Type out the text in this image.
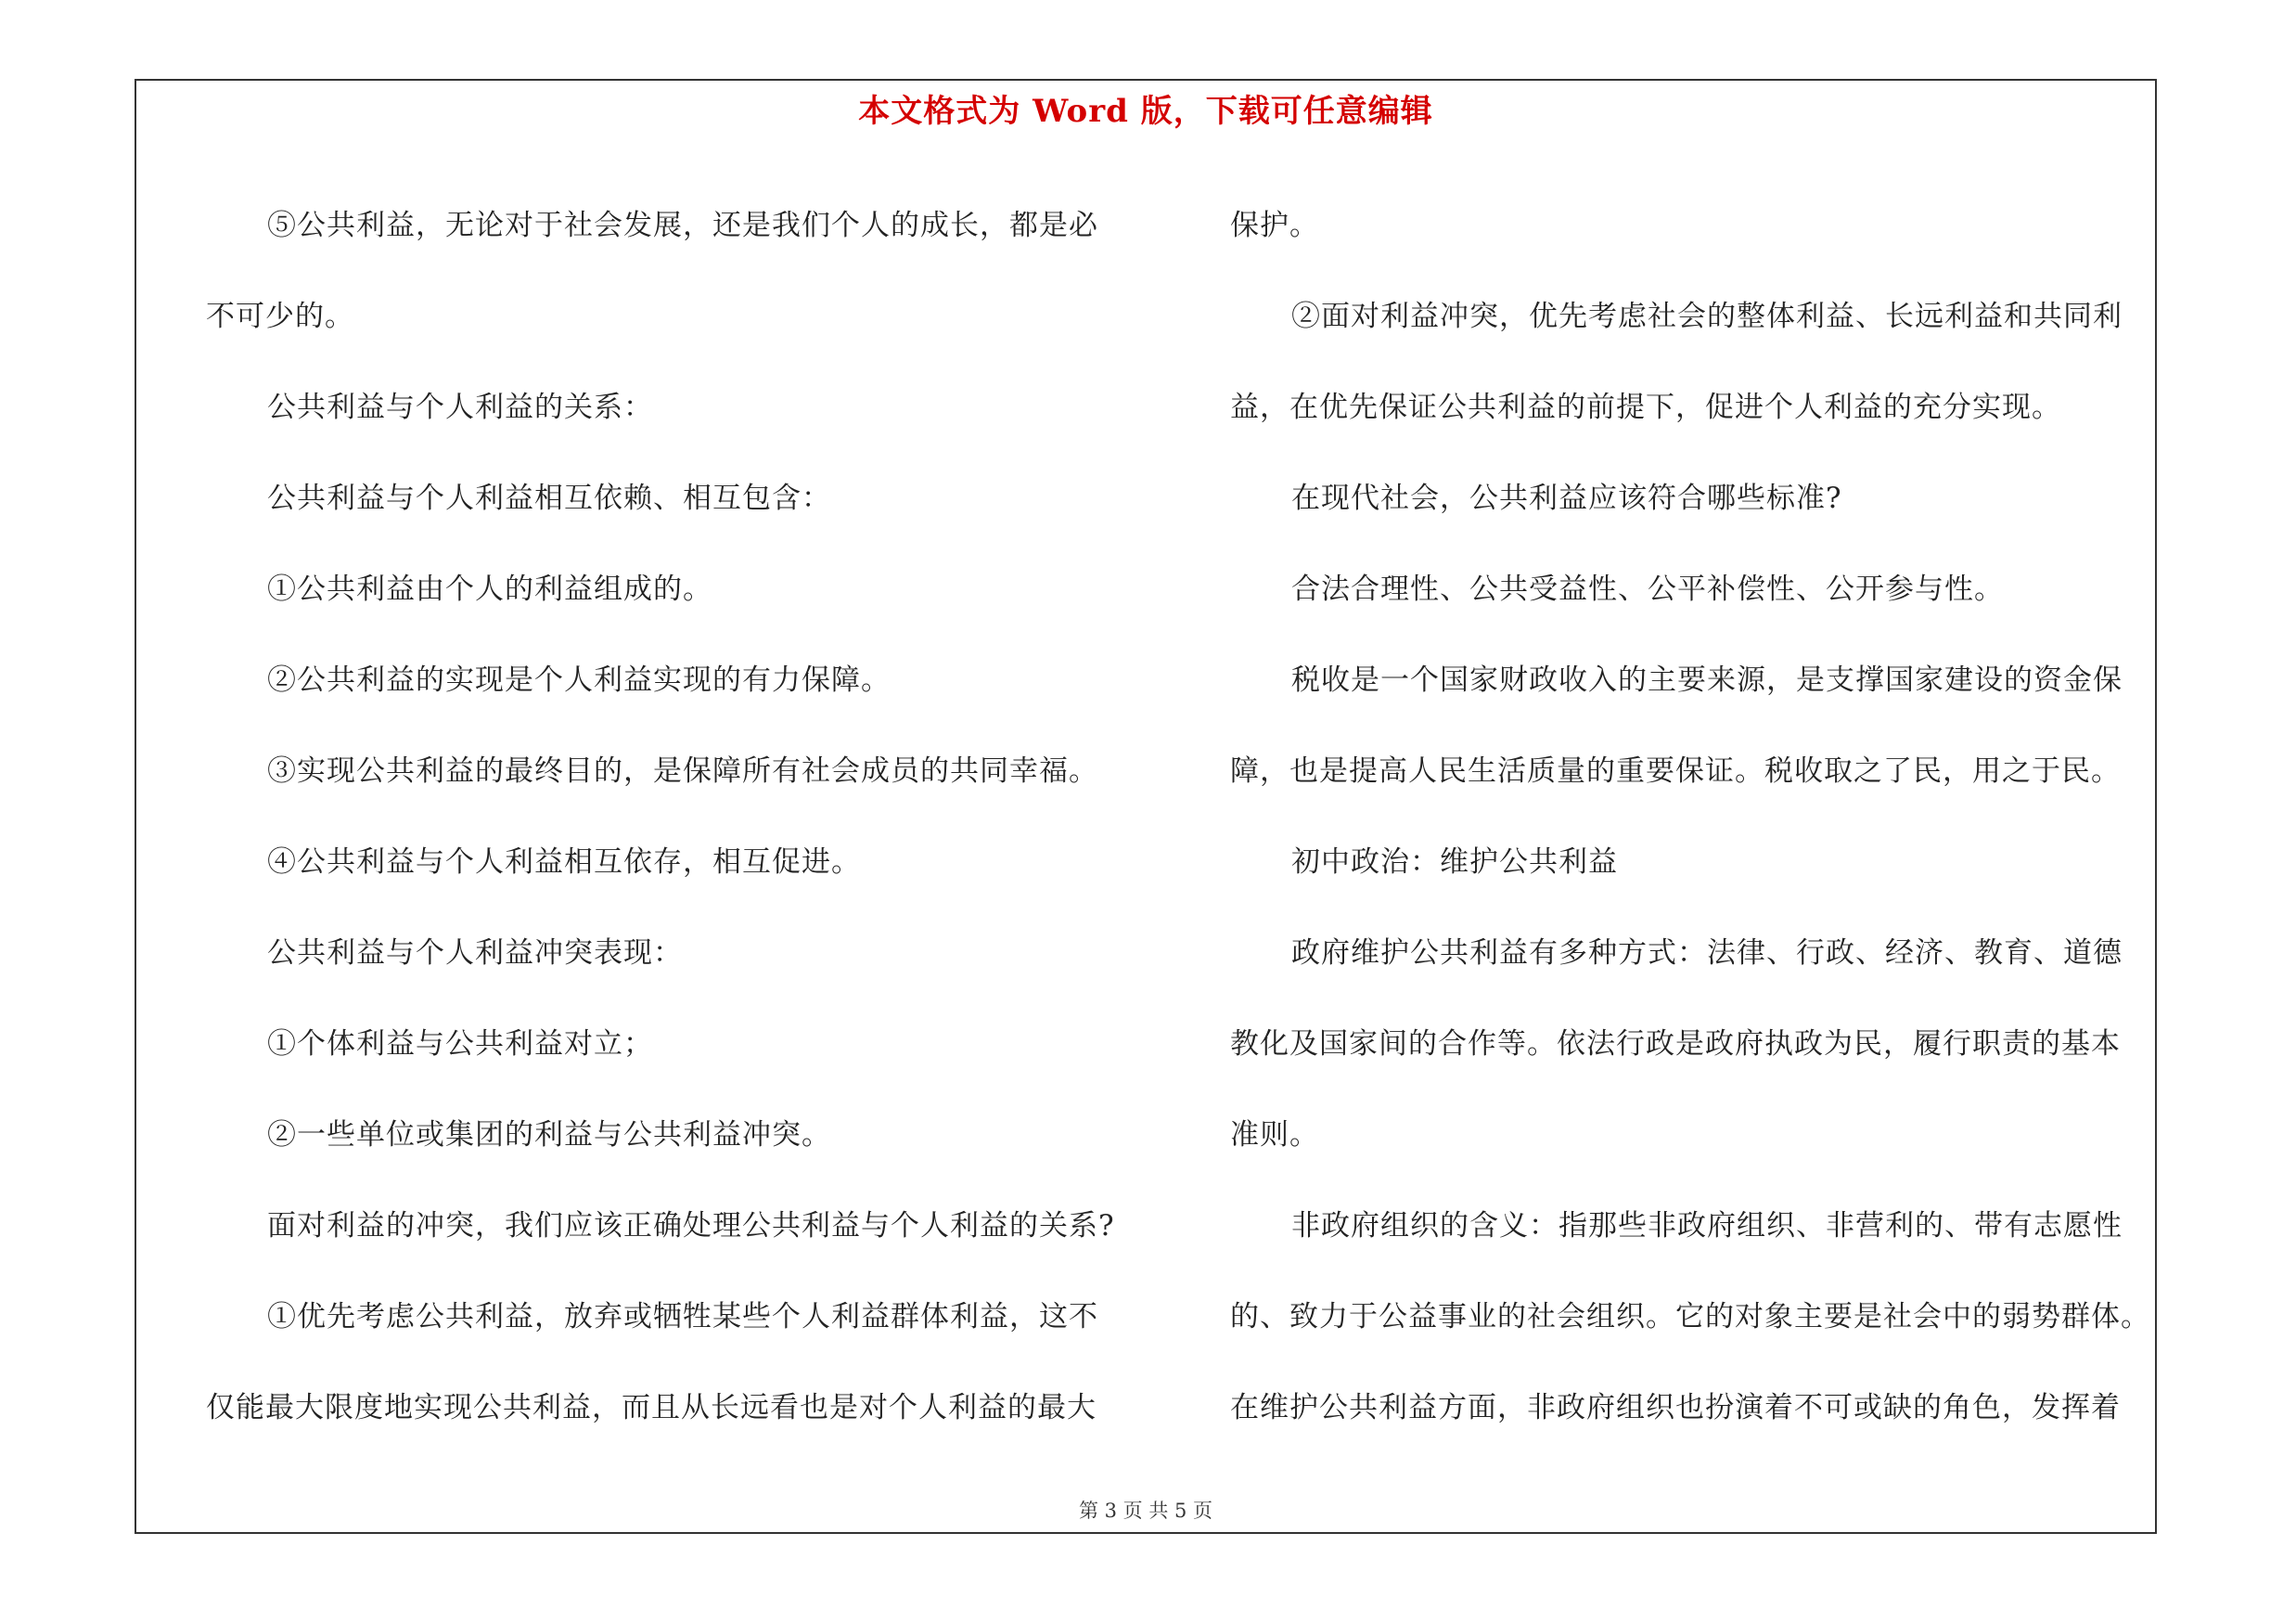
本文格式为 Word 版，下载可任意编辑
⑤公共利益，无论对于社会发展，还是我们个人的成长，都是必
不可少的。
公共利益与个人利益的关系：
公共利益与个人利益相互依赖、相互包含：
①公共利益由个人的利益组成的。
②公共利益的实现是个人利益实现的有力保障。
③实现公共利益的最终目的，是保障所有社会成员的共同幸福。
④公共利益与个人利益相互依存，相互促进。
公共利益与个人利益冲突表现：
①个体利益与公共利益对立；
②一些单位或集团的利益与公共利益冲突。
面对利益的冲突，我们应该正确处理公共利益与个人利益的关系?
①优先考虑公共利益，放弃或牺牲某些个人利益群体利益，这不
仅能最大限度地实现公共利益，而且从长远看也是对个人利益的最大
保护。
②面对利益冲突，优先考虑社会的整体利益、长远利益和共同利
益，在优先保证公共利益的前提下，促进个人利益的充分实现。
在现代社会，公共利益应该符合哪些标准?
合法合理性、公共受益性、公平补偿性、公开参与性。
税收是一个国家财政收入的主要来源，是支撑国家建设的资金保
障，也是提高人民生活质量的重要保证。税收取之了民，用之于民。
初中政治：维护公共利益
政府维护公共利益有多种方式：法律、行政、经济、教育、道德
教化及国家间的合作等。依法行政是政府执政为民，履行职责的基本
准则。
非政府组织的含义：指那些非政府组织、非营利的、带有志愿性
的、致力于公益事业的社会组织。它的对象主要是社会中的弱势群体。
在维护公共利益方面，非政府组织也扮演着不可或缺的角色，发挥着
第 3 页 共 5 页
